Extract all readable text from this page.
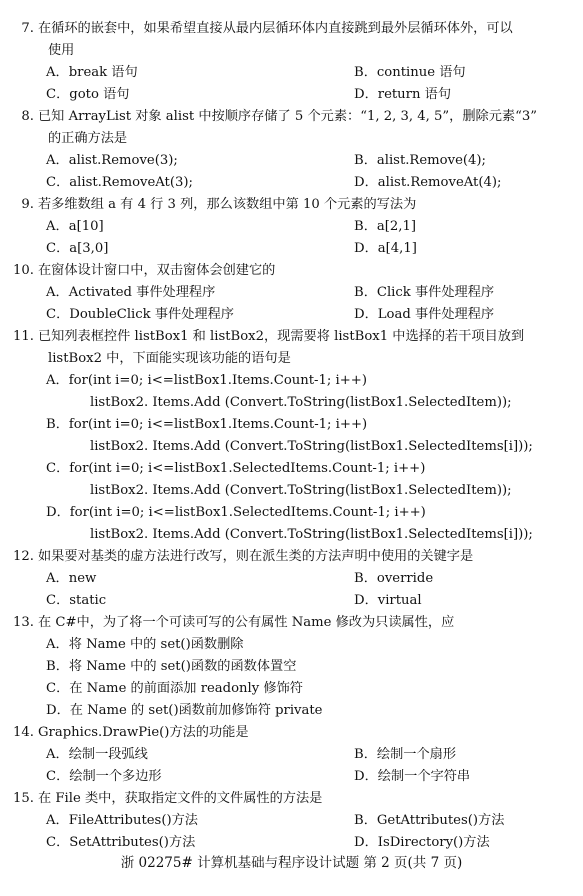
7. 在循环的嵌套中，如果希望直接从最内层循环体内直接跳到最外层循环体外，可以
使用
A．break 语句	B．continue 语句
C．goto 语句	D．return 语句
8. 已知 ArrayList 对象 alist 中按顺序存储了 5 个元素：“1, 2, 3, 4, 5”，删除元素“3”
的正确方法是
A．alist.Remove(3);	B．alist.Remove(4);
C．alist.RemoveAt(3);	D．alist.RemoveAt(4);
9. 若多维数组 a 有 4 行 3 列，那么该数组中第 10 个元素的写法为
A．a[10]	B．a[2,1]
C．a[3,0]	D．a[4,1]
10. 在窗体设计窗口中，双击窗体会创建它的
A．Activated 事件处理程序	B．Click 事件处理程序
C．DoubleClick 事件处理程序	D．Load 事件处理程序
11. 已知列表框控件 listBox1 和 listBox2，现需要将 listBox1 中选择的若干项目放到
listBox2 中，下面能实现该功能的语句是
A．for(int i=0; i<=listBox1.Items.Count-1; i++)
listBox2. Items.Add (Convert.ToString(listBox1.SelectedItem));
B．for(int i=0; i<=listBox1.Items.Count-1; i++)
listBox2. Items.Add (Convert.ToString(listBox1.SelectedItems[i]));
C．for(int i=0; i<=listBox1.SelectedItems.Count-1; i++)
listBox2. Items.Add (Convert.ToString(listBox1.SelectedItem));
D．for(int i=0; i<=listBox1.SelectedItems.Count-1; i++)
listBox2. Items.Add (Convert.ToString(listBox1.SelectedItems[i]));
12. 如果要对基类的虚方法进行改写，则在派生类的方法声明中使用的关键字是
A．new	B．override
C．static	D．virtual
13. 在 C#中，为了将一个可读可写的公有属性 Name 修改为只读属性，应
A．将 Name 中的 set()函数删除
B．将 Name 中的 set()函数的函数体置空
C．在 Name 的前面添加 readonly 修饰符
D．在 Name 的 set()函数前加修饰符 private
14. Graphics.DrawPie()方法的功能是
A．绘制一段弧线	B．绘制一个扇形
C．绘制一个多边形	D．绘制一个字符串
15. 在 File 类中，获取指定文件的文件属性的方法是
A．FileAttributes()方法	B．GetAttributes()方法
C．SetAttributes()方法	D．IsDirectory()方法
浙 02275# 计算机基础与程序设计试题 第 2 页(共 7 页)
